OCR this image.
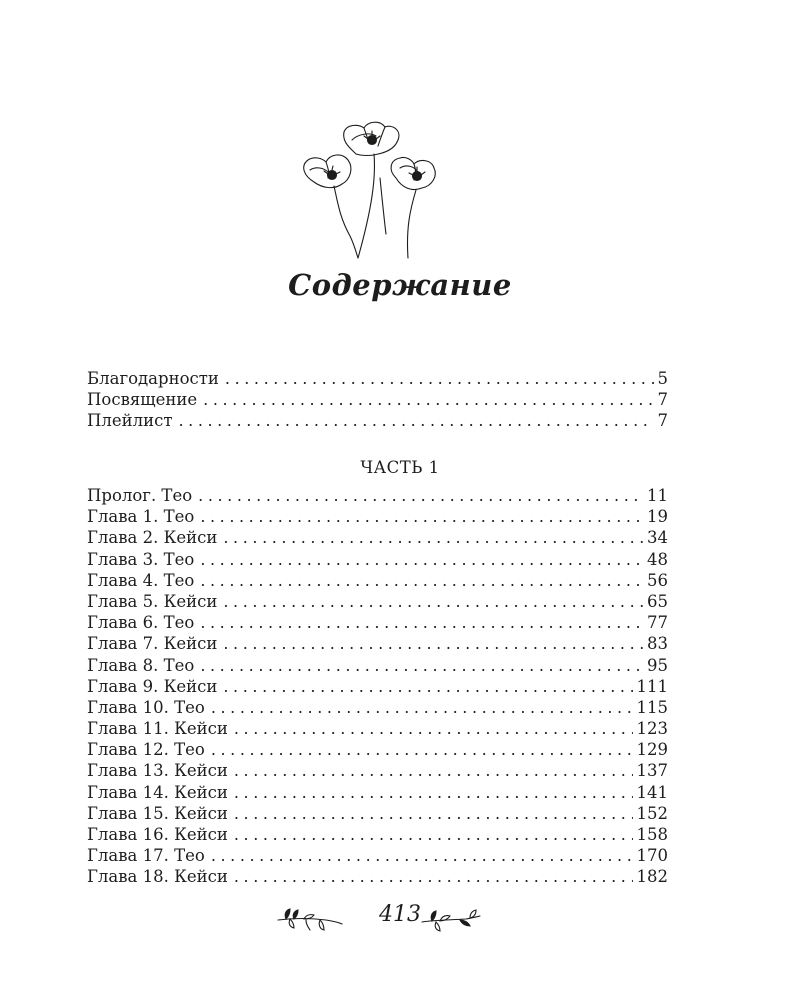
Содержание
Благодарности . . .	5
Посвящение . . .	7
Плейлист . . .	7
ЧАСТЬ 1
Пролог. Тео . . .	11
Глава 1. Тео . . .	19
Глава 2. Кейси . . .	34
Глава 3. Тео . . .	48
Глава 4. Тео . . .	56
Глава 5. Кейси . . .	65
Глава 6. Тео . . .	77
Глава 7. Кейси . . .	83
Глава 8. Тео . . .	95
Глава 9. Кейси . . .	111
Глава 10. Тео . . .	115
Глава 11. Кейси . . .	123
Глава 12. Тео . . .	129
Глава 13. Кейси . . .	137
Глава 14. Кейси . . .	141
Глава 15. Кейси . . .	152
Глава 16. Кейси . . .	158
Глава 17. Тео . . .	170
Глава 18. Кейси . . .	182
413
